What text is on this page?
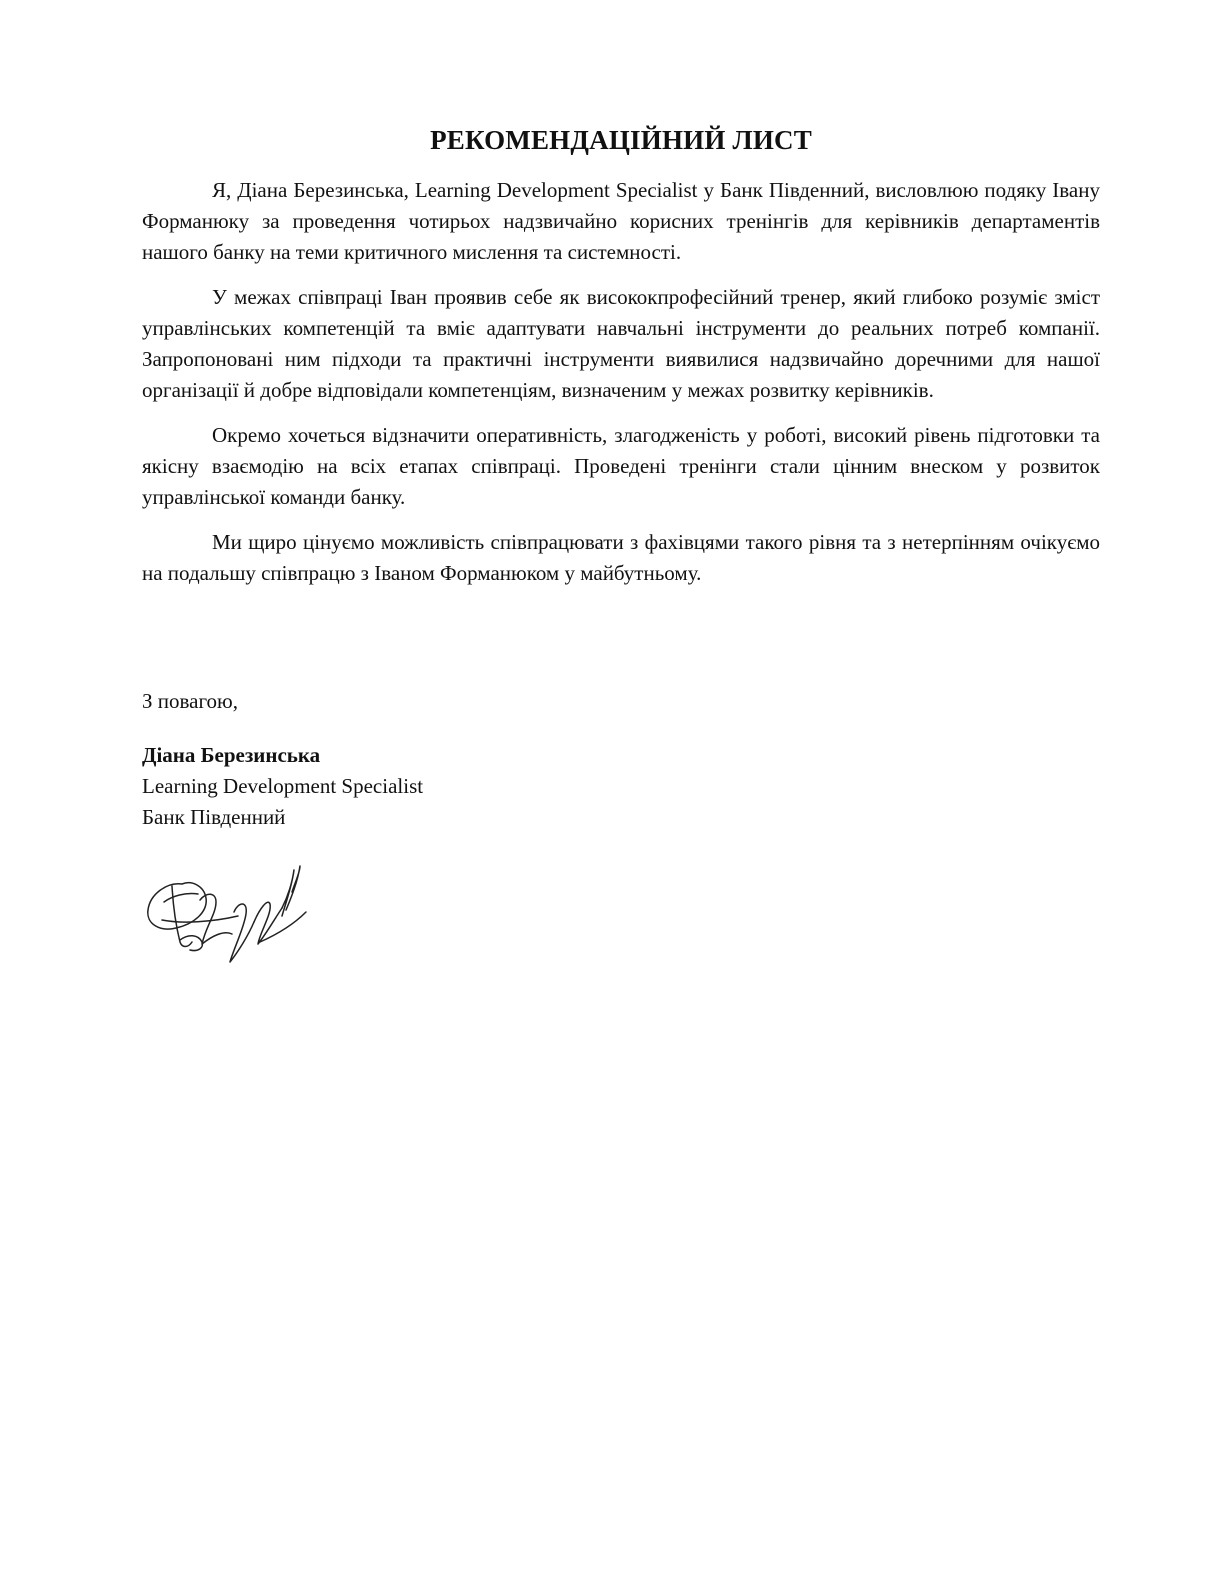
РЕКОМЕНДАЦІЙНИЙ ЛИСТ

Я, Діана Березинська, Learning Development Specialist у Банк Південний, висловлюю подяку Івану Форманюку за проведення чотирьох надзвичайно корисних тренінгів для керівників департаментів нашого банку на теми критичного мислення та системності.

У межах співпраці Іван проявив себе як висококпрофесійний тренер, який глибоко розуміє зміст управлінських компетенцій та вміє адаптувати навчальні інструменти до реальних потреб компанії. Запропоновані ним підходи та практичні інструменти виявилися надзвичайно доречними для нашої організації й добре відповідали компетенціям, визначеним у межах розвитку керівників.

Окремо хочеться відзначити оперативність, злагодженість у роботі, високий рівень підготовки та якісну взаємодію на всіх етапах співпраці. Проведені тренінги стали цінним внеском у розвиток управлінської команди банку.

Ми щиро цінуємо можливість співпрацювати з фахівцями такого рівня та з нетерпінням очікуємо на подальшу співпрацю з Іваном Форманюком у майбутньому.

З повагою,

Діана Березинська

Learning Development Specialist

Банк Південний
